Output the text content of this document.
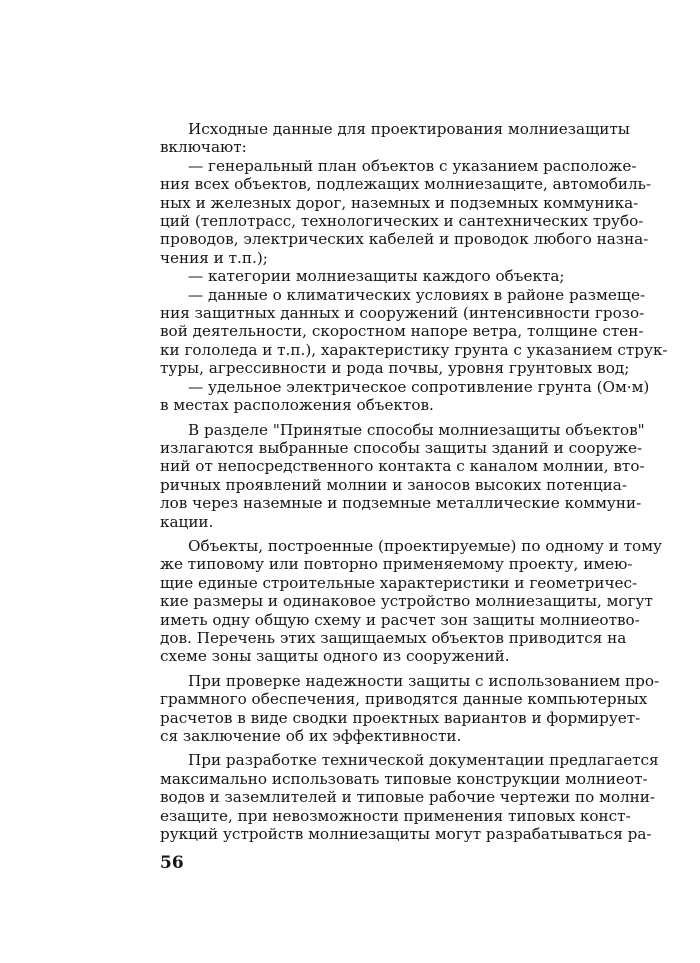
Исходные данные для проектирования молниезащиты
включают:
— генеральный план объектов с указанием расположе-
ния всех объектов, подлежащих молниезащите, автомобиль-
ных и железных дорог, наземных и подземных коммуника-
ций (теплотрасс, технологических и сантехнических трубо-
проводов, электрических кабелей и проводок любого назна-
чения и т.п.);
— категории молниезащиты каждого объекта;
— данные о климатических условиях в районе размеще-
ния защитных данных и сооружений (интенсивности грозо-
вой деятельности, скоростном напоре ветра, толщине стен-
ки гололеда и т.п.), характеристику грунта с указанием струк-
туры, агрессивности и рода почвы, уровня грунтовых вод;
— удельное электрическое сопротивление грунта (Ом·м)
в местах расположения объектов.
В разделе "Принятые способы молниезащиты объектов"
излагаются выбранные способы защиты зданий и сооруже-
ний от непосредственного контакта с каналом молнии, вто-
ричных проявлений молнии и заносов высоких потенциа-
лов через наземные и подземные металлические коммуни-
кации.
Объекты, построенные (проектируемые) по одному и тому
же типовому или повторно применяемому проекту, имею-
щие единые строительные характеристики и геометричес-
кие размеры и одинаковое устройство молниезащиты, могут
иметь одну общую схему и расчет зон защиты молниеотво-
дов. Перечень этих защищаемых объектов приводится на
схеме зоны защиты одного из сооружений.
При проверке надежности защиты с использованием про-
граммного обеспечения, приводятся данные компьютерных
расчетов в виде сводки проектных вариантов и формирует-
ся заключение об их эффективности.
При разработке технической документации предлагается
максимально использовать типовые конструкции молниеот-
водов и заземлителей и типовые рабочие чертежи по молни-
езащите, при невозможности применения типовых конст-
рукций устройств молниезащиты могут разрабатываться ра-
56
